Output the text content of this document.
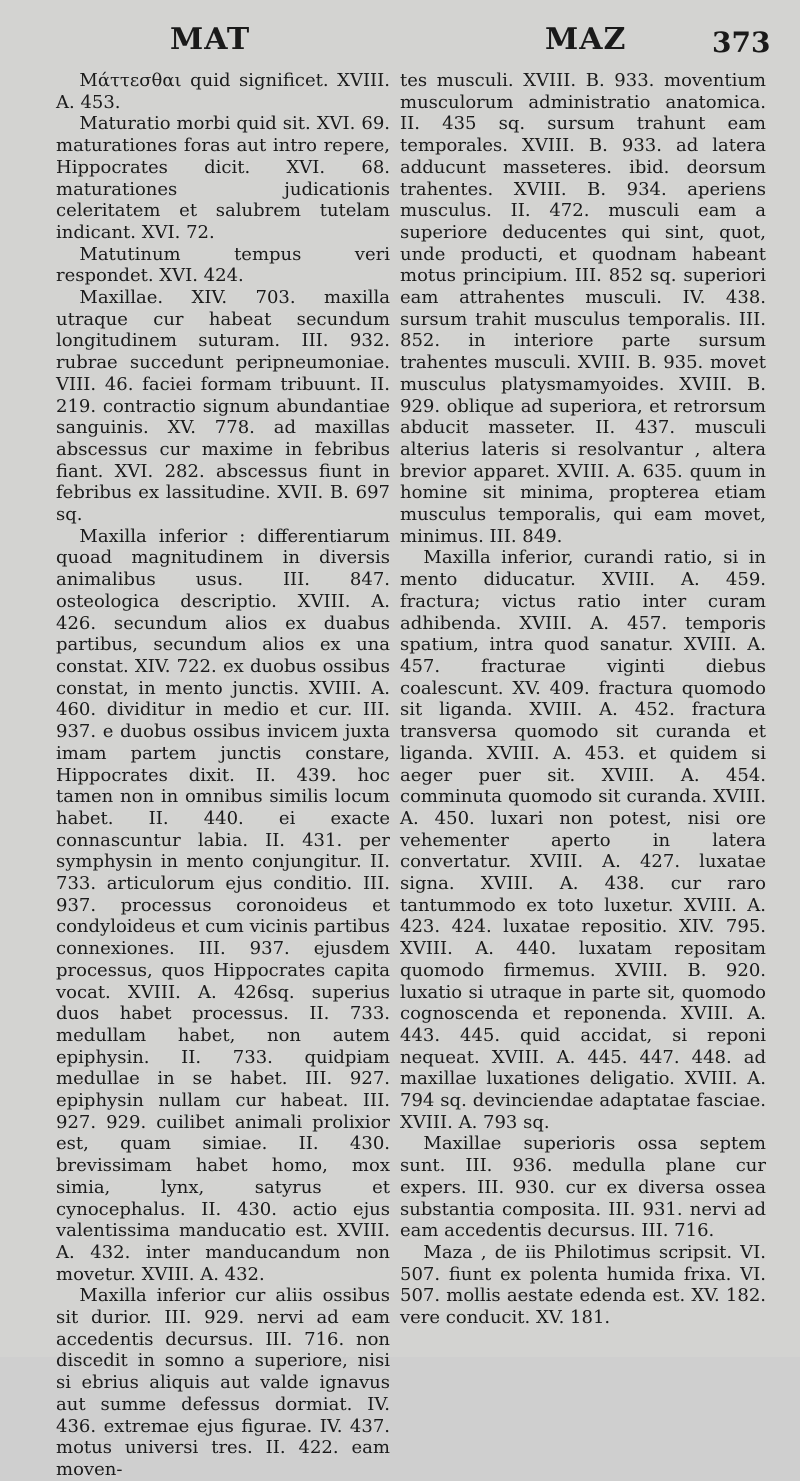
MAT	MAZ	373

Μάττεσθαι quid significet. XVIII. A. 453.

Maturatio morbi quid sit. XVI. 69. maturationes foras aut intro repere, Hippocrates dicit. XVI. 68. maturationes judicationis celeritatem et salubrem tutelam indicant. XVI. 72.

Matutinum tempus veri respondet. XVI. 424.

Maxillae. XIV. 703. maxilla utraque cur habeat secundum longitudinem suturam. III. 932. rubrae succedunt peripneumoniae. VIII. 46. faciei formam tribuunt. II. 219. contractio signum abundantiae sanguinis. XV. 778. ad maxillas abscessus cur maxime in febribus fiant. XVI. 282. abscessus fiunt in febribus ex lassitudine. XVII. B. 697 sq.

Maxilla inferior : differentiarum quoad magnitudinem in diversis animalibus usus. III. 847. osteologica descriptio. XVIII. A. 426. secundum alios ex duabus partibus, secundum alios ex una constat. XIV. 722. ex duobus ossibus constat, in mento junctis. XVIII. A. 460. dividitur in medio et cur. III. 937. e duobus ossibus invicem juxta imam partem junctis constare, Hippocrates dixit. II. 439. hoc tamen non in omnibus similis locum habet. II. 440. ei exacte connascuntur labia. II. 431. per symphysin in mento conjungitur. II. 733. articulorum ejus conditio. III. 937. processus coronoideus et condyloideus et cum vicinis partibus connexiones. III. 937. ejusdem processus, quos Hippocrates capita vocat. XVIII. A. 426sq. superius duos habet processus. II. 733. medullam habet, non autem epiphysin. II. 733. quidpiam medullae in se habet. III. 927. epiphysin nullam cur habeat. III. 927. 929. cuilibet animali prolixior est, quam simiae. II. 430. brevissimam habet homo, mox simia, lynx, satyrus et cynocephalus. II. 430. actio ejus valentissima manducatio est. XVIII. A. 432. inter manducandum non movetur. XVIII. A. 432.

Maxilla inferior cur aliis ossibus sit durior. III. 929. nervi ad eam accedentis decursus. III. 716. non discedit in somno a superiore, nisi si ebrius aliquis aut valde ignavus aut summe defessus dormiat. IV. 436. extremae ejus figurae. IV. 437. motus universi tres. II. 422. eam moven-

tes musculi. XVIII. B. 933. moventium musculorum administratio anatomica. II. 435 sq. sursum trahunt eam temporales. XVIII. B. 933. ad latera adducunt masseteres. ibid. deorsum trahentes. XVIII. B. 934. aperiens musculus. II. 472. musculi eam a superiore deducentes qui sint, quot, unde producti, et quodnam habeant motus principium. III. 852 sq. superiori eam attrahentes musculi. IV. 438. sursum trahit musculus temporalis. III. 852. in interiore parte sursum trahentes musculi. XVIII. B. 935. movet musculus platysmamyoides. XVIII. B. 929. oblique ad superiora, et retrorsum abducit masseter. II. 437. musculi alterius lateris si resolvantur , altera brevior apparet. XVIII. A. 635. quum in homine sit minima, propterea etiam musculus temporalis, qui eam movet, minimus. III. 849.

Maxilla inferior, curandi ratio, si in mento diducatur. XVIII. A. 459. fractura; victus ratio inter curam adhibenda. XVIII. A. 457. temporis spatium, intra quod sanatur. XVIII. A. 457. fracturae viginti diebus coalescunt. XV. 409. fractura quomodo sit liganda. XVIII. A. 452. fractura transversa quomodo sit curanda et liganda. XVIII. A. 453. et quidem si aeger puer sit. XVIII. A. 454. comminuta quomodo sit curanda. XVIII. A. 450. luxari non potest, nisi ore vehementer aperto in latera convertatur. XVIII. A. 427. luxatae signa. XVIII. A. 438. cur raro tantummodo ex toto luxetur. XVIII. A. 423. 424. luxatae repositio. XIV. 795. XVIII. A. 440. luxatam repositam quomodo firmemus. XVIII. B. 920. luxatio si utraque in parte sit, quomodo cognoscenda et reponenda. XVIII. A. 443. 445. quid accidat, si reponi nequeat. XVIII. A. 445. 447. 448. ad maxillae luxationes deligatio. XVIII. A. 794 sq. devinciendae adaptatae fasciae. XVIII. A. 793 sq.

Maxillae superioris ossa septem sunt. III. 936. medulla plane cur expers. III. 930. cur ex diversa ossea substantia composita. III. 931. nervi ad eam accedentis decursus. III. 716.

Maza , de iis Philotimus scripsit. VI. 507. fiunt ex polenta humida frixa. VI. 507. mollis aestate edenda est. XV. 182. vere conducit. XV. 181.
